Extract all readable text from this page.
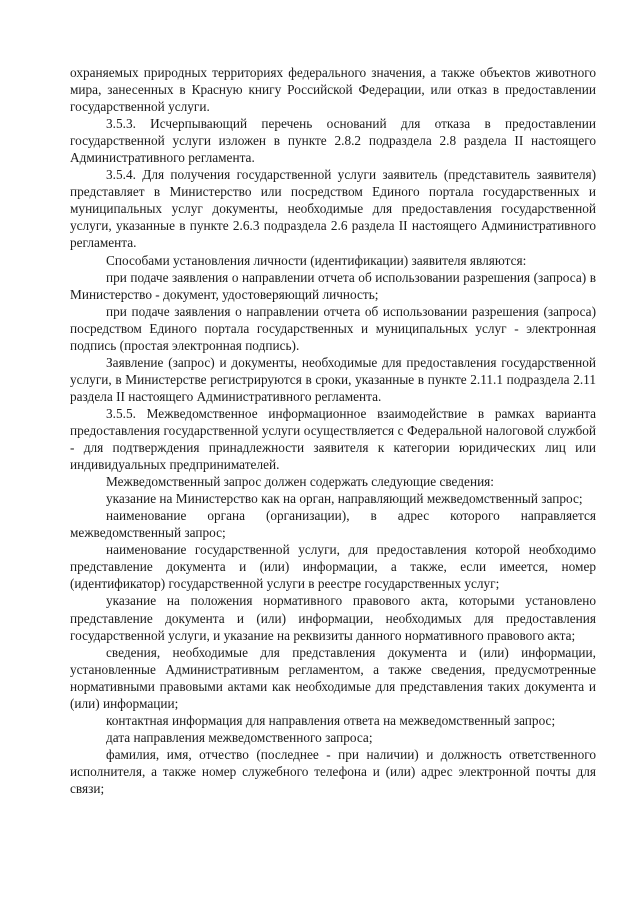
охраняемых природных территориях федерального значения, а также объектов животного мира, занесенных в Красную книгу Российской Федерации, или отказ в предоставлении государственной услуги.

3.5.3. Исчерпывающий перечень оснований для отказа в предоставлении государственной услуги изложен в пункте 2.8.2 подраздела 2.8 раздела II настоящего Административного регламента.

3.5.4. Для получения государственной услуги заявитель (представитель заявителя) представляет в Министерство или посредством Единого портала государственных и муниципальных услуг документы, необходимые для предоставления государственной услуги, указанные в пункте 2.6.3 подраздела 2.6 раздела II настоящего Административного регламента.

Способами установления личности (идентификации) заявителя являются:

при подаче заявления о направлении отчета об использовании разрешения (запроса) в Министерство - документ, удостоверяющий личность;

при подаче заявления о направлении отчета об использовании разрешения (запроса) посредством Единого портала государственных и муниципальных услуг - электронная подпись (простая электронная подпись).

Заявление (запрос) и документы, необходимые для предоставления государственной услуги, в Министерстве регистрируются в сроки, указанные в пункте 2.11.1 подраздела 2.11 раздела II настоящего Административного регламента.

3.5.5. Межведомственное информационное взаимодействие в рамках варианта предоставления государственной услуги осуществляется с Федеральной налоговой службой - для подтверждения принадлежности заявителя к категории юридических лиц или индивидуальных предпринимателей.

Межведомственный запрос должен содержать следующие сведения:

указание на Министерство как на орган, направляющий межведомственный запрос;

наименование органа (организации), в адрес которого направляется межведомственный запрос;

наименование государственной услуги, для предоставления которой необходимо представление документа и (или) информации, а также, если имеется, номер (идентификатор) государственной услуги в реестре государственных услуг;

указание на положения нормативного правового акта, которыми установлено представление документа и (или) информации, необходимых для предоставления государственной услуги, и указание на реквизиты данного нормативного правового акта;

сведения, необходимые для представления документа и (или) информации, установленные Административным регламентом, а также сведения, предусмотренные нормативными правовыми актами как необходимые для представления таких документа и (или) информации;

контактная информация для направления ответа на межведомственный запрос;

дата направления межведомственного запроса;

фамилия, имя, отчество (последнее - при наличии) и должность ответственного исполнителя, а также номер служебного телефона и (или) адрес электронной почты для связи;
